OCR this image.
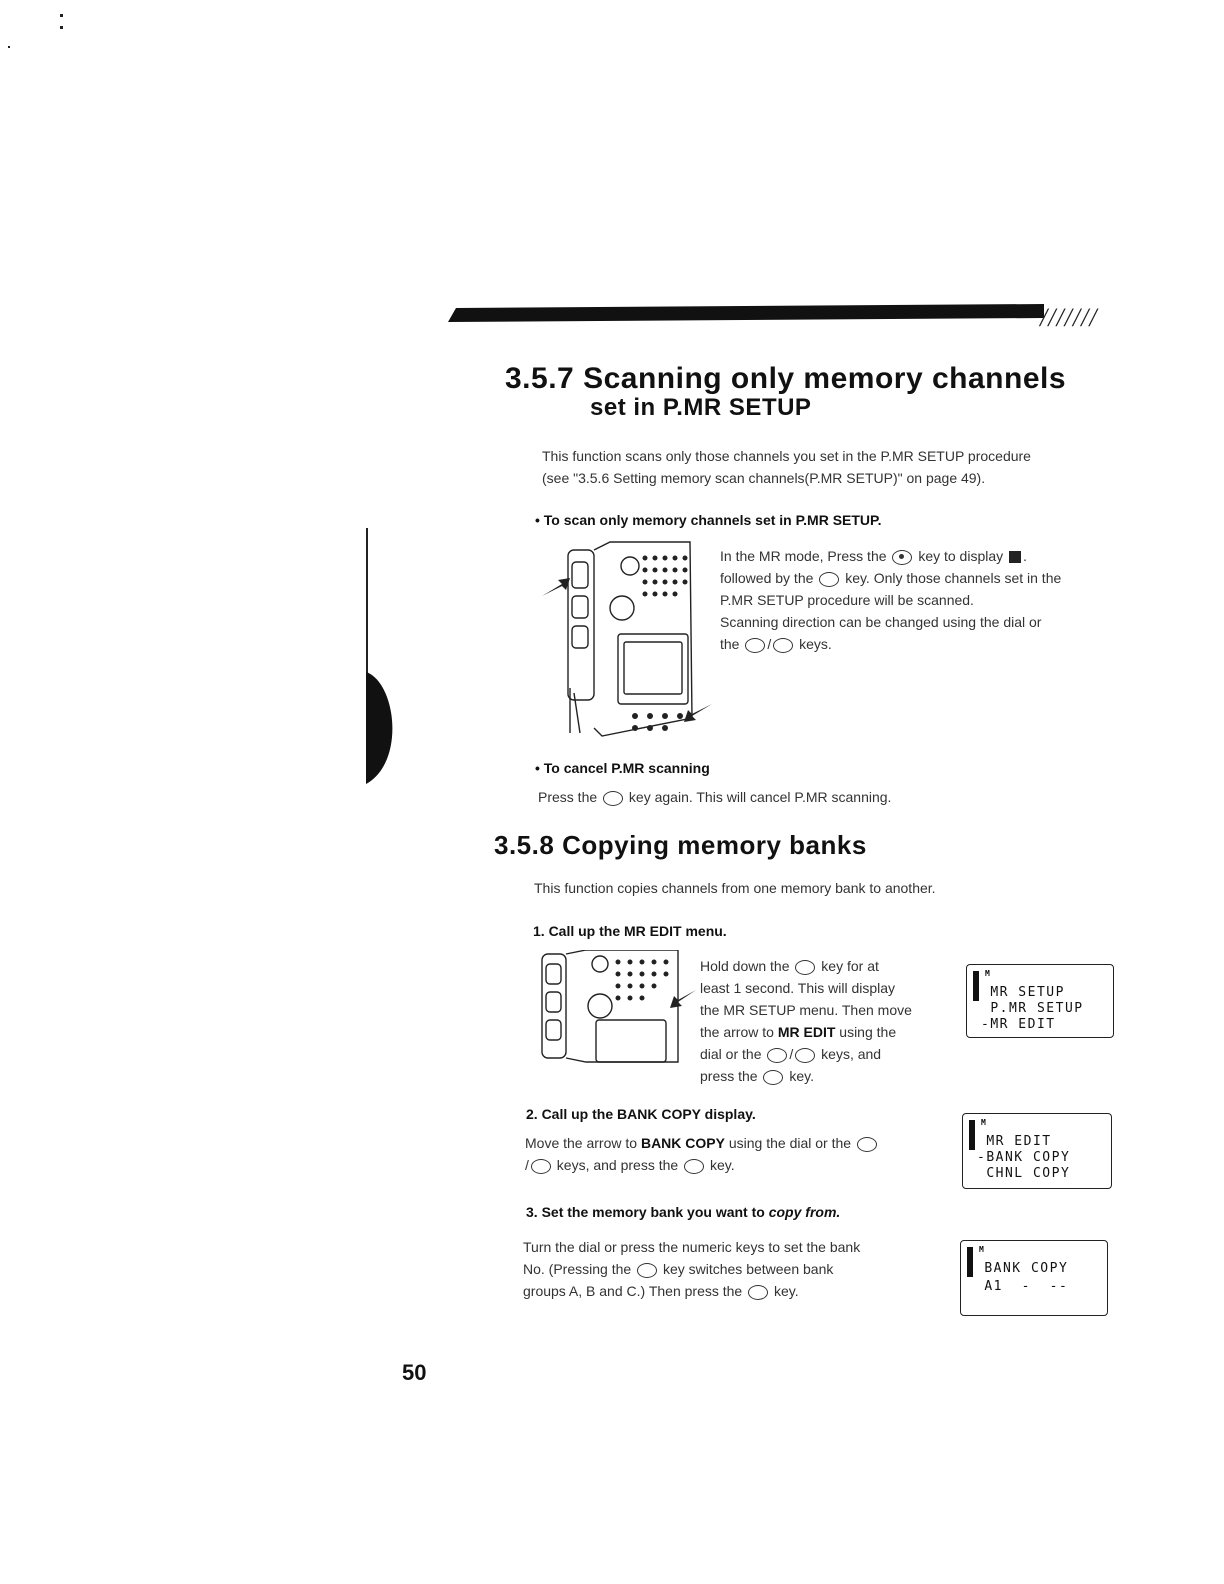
///////
3.5.7 Scanning only memory channels
set in P.MR SETUP
This function scans only those channels you set in the P.MR SETUP procedure
(see "3.5.6 Setting memory scan channels(P.MR SETUP)" on page 49).
• To scan only memory channels set in P.MR SETUP.
In the MR mode, Press the key to display .
followed by the key. Only those channels set in the
P.MR SETUP procedure will be scanned.
Scanning direction can be changed using the dial or
the / keys.
• To cancel P.MR scanning
Press the key again. This will cancel P.MR scanning.
3.5.8 Copying memory banks
This function copies channels from one memory bank to another.
1. Call up the MR EDIT menu.
Hold down the key for at
least 1 second. This will display
the MR SETUP menu. Then move
the arrow to MR EDIT using the
dial or the / keys, and
press the key.
M
MR SETUP
P.MR SETUP
-MR EDIT
2. Call up the BANK COPY display.
Move the arrow to BANK COPY using the dial or the
/ keys, and press the key.
M
MR EDIT
-BANK COPY
CHNL COPY
3. Set the memory bank you want to copy from.
Turn the dial or press the numeric keys to set the bank
No. (Pressing the key switches between bank
groups A, B and C.) Then press the key.
M
BANK COPY
A1  -  --
50
